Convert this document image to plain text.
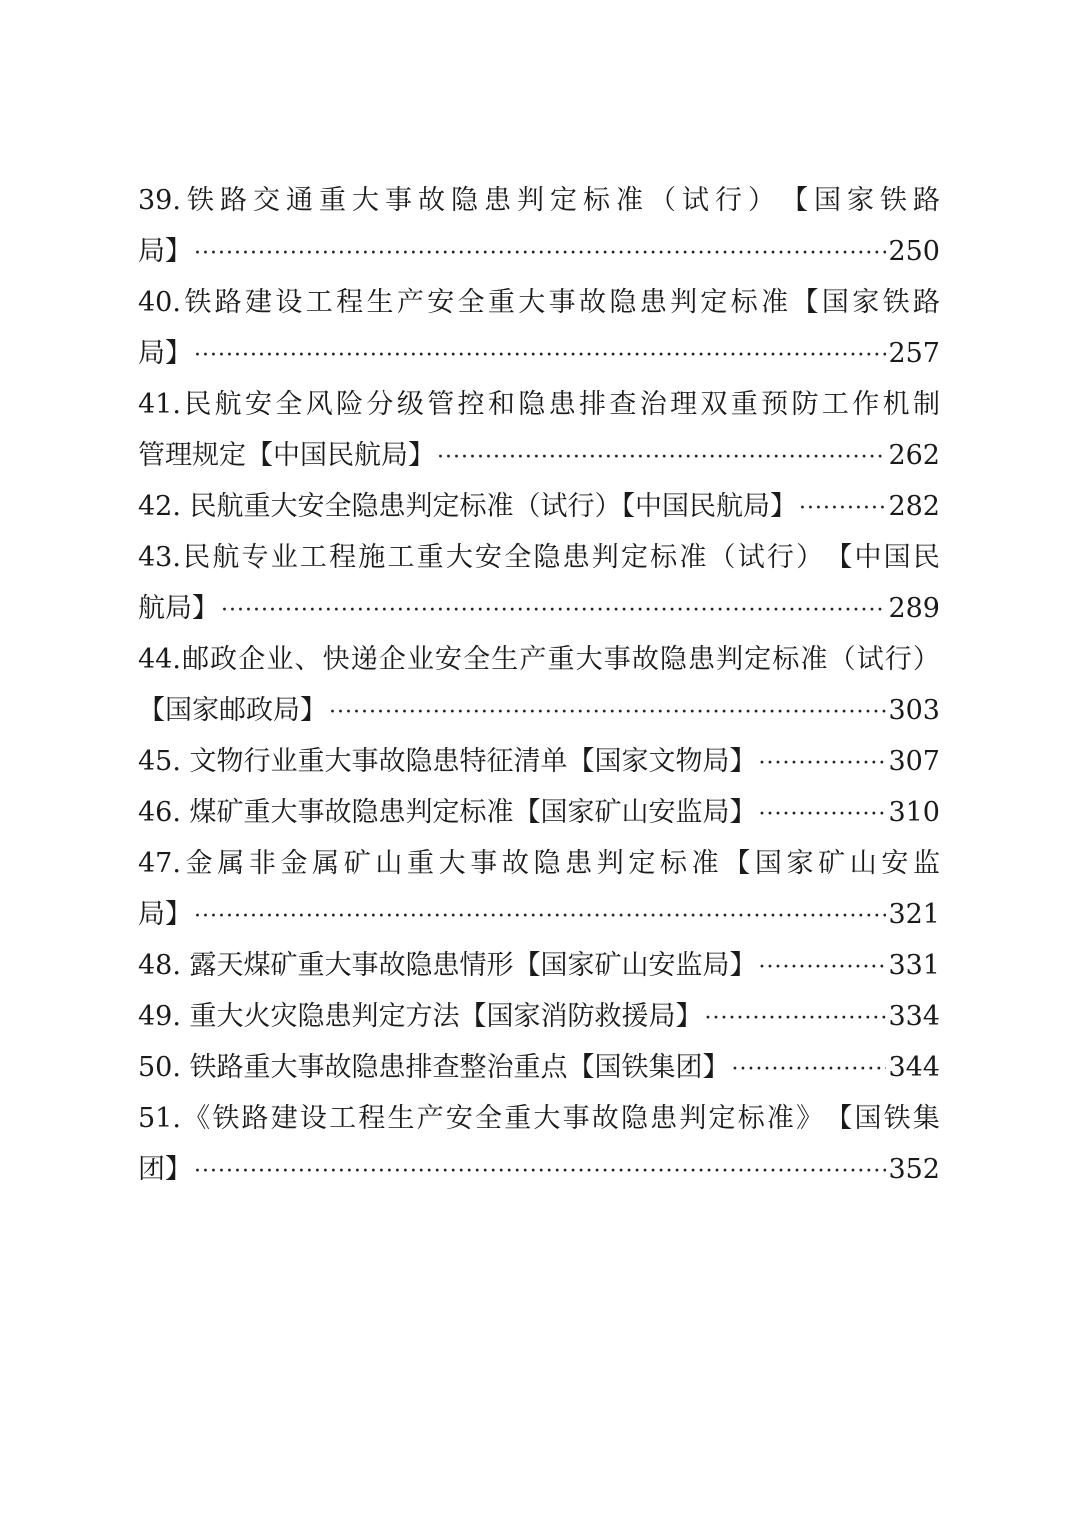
39. 铁 路 交 通 重 大 事 故 隐 患 判 定 标 准 （ 试 行 ） 【 国 家 铁 路
局】 ·····	250
40. 铁 路 建 设 工 程 生 产 安 全 重 大 事 故 隐 患 判 定 标 准 【 国 家 铁 路
局】 ·····	257
41. 民 航 安 全 风 险 分 级 管 控 和 隐 患 排 查 治 理 双 重 预 防 工 作 机 制
管理规定【中国民航局】 ·····	262
42. 民航重大安全隐患判定标准（试行）【中国民航局】 ·····	282
43. 民 航 专 业 工 程 施 工 重 大 安 全 隐 患 判 定 标 准 （ 试 行 ） 【 中 国 民
航局】 ·····	289
44. 邮 政 企 业 、 快 递 企 业 安 全 生 产 重 大 事 故 隐 患 判 定 标 准 （ 试 行 ）
【国家邮政局】 ·····	303
45. 文物行业重大事故隐患特征清单【国家文物局】 ·····	307
46. 煤矿重大事故隐患判定标准【国家矿山安监局】 ·····	310
47. 金 属 非 金 属 矿 山 重 大 事 故 隐 患 判 定 标 准 【 国 家 矿 山 安 监
局】 ·····	321
48. 露天煤矿重大事故隐患情形【国家矿山安监局】 ·····	331
49. 重大火灾隐患判定方法【国家消防救援局】 ·····	334
50. 铁路重大事故隐患排查整治重点【国铁集团】 ·····	344
51. 《 铁 路 建 设 工 程 生 产 安 全 重 大 事 故 隐 患 判 定 标 准 》 【 国 铁 集
团】 ·····	352
